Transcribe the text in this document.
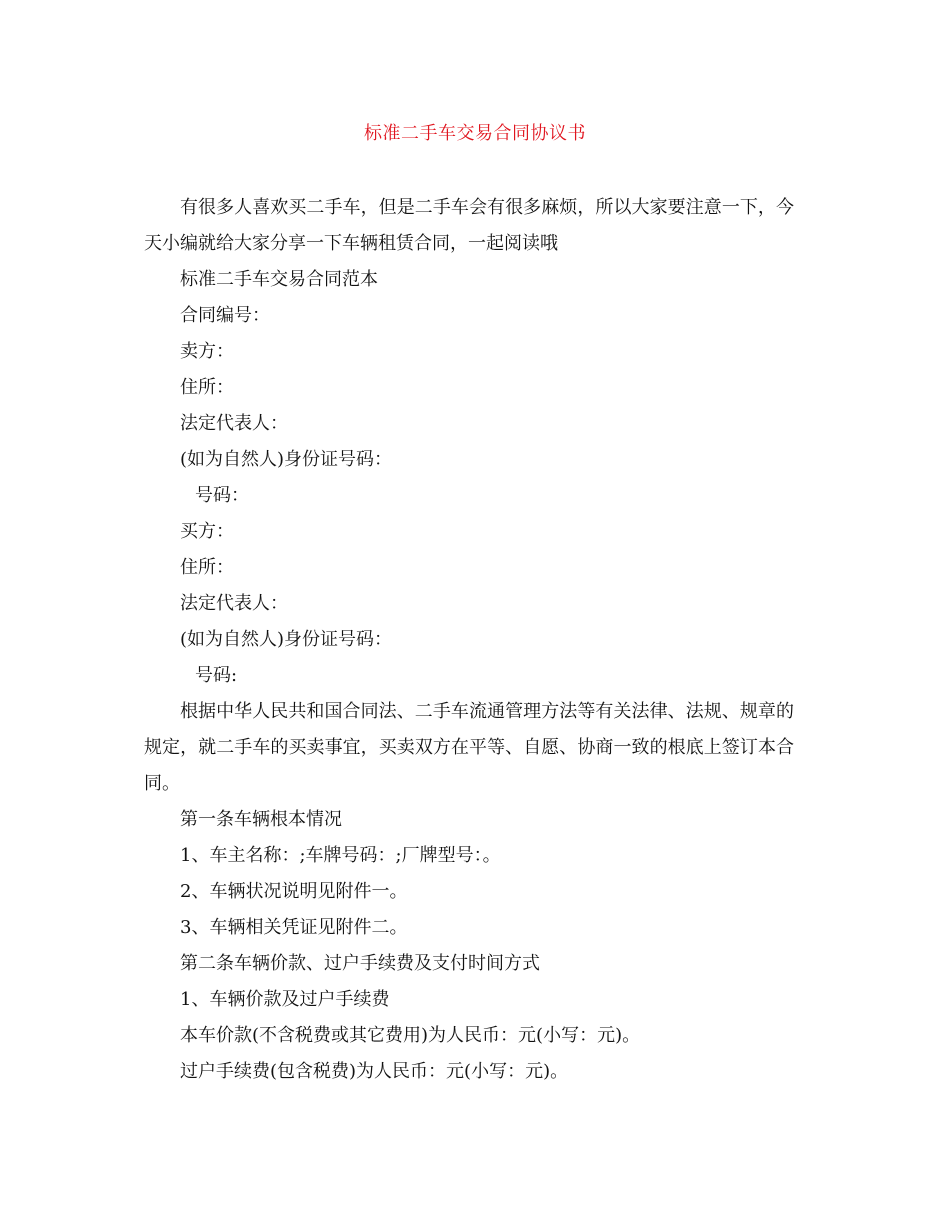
标准二手车交易合同协议书

有很多人喜欢买二手车，但是二手车会有很多麻烦，所以大家要注意一下，今天小编就给大家分享一下车辆租赁合同，一起阅读哦

标准二手车交易合同范本

合同编号：

卖方：

住所：

法定代表人：

(如为自然人)身份证号码：

号码：

买方：

住所：

法定代表人：

(如为自然人)身份证号码：

号码:

根据中华人民共和国合同法、二手车流通管理方法等有关法律、法规、规章的规定，就二手车的买卖事宜，买卖双方在平等、自愿、协商一致的根底上签订本合同。

第一条车辆根本情况

1、车主名称：;车牌号码：;厂牌型号：。

2、车辆状况说明见附件一。

3、车辆相关凭证见附件二。

第二条车辆价款、过户手续费及支付时间方式

1、车辆价款及过户手续费

本车价款(不含税费或其它费用)为人民币：元(小写：元)。

过户手续费(包含税费)为人民币：元(小写：元)。
